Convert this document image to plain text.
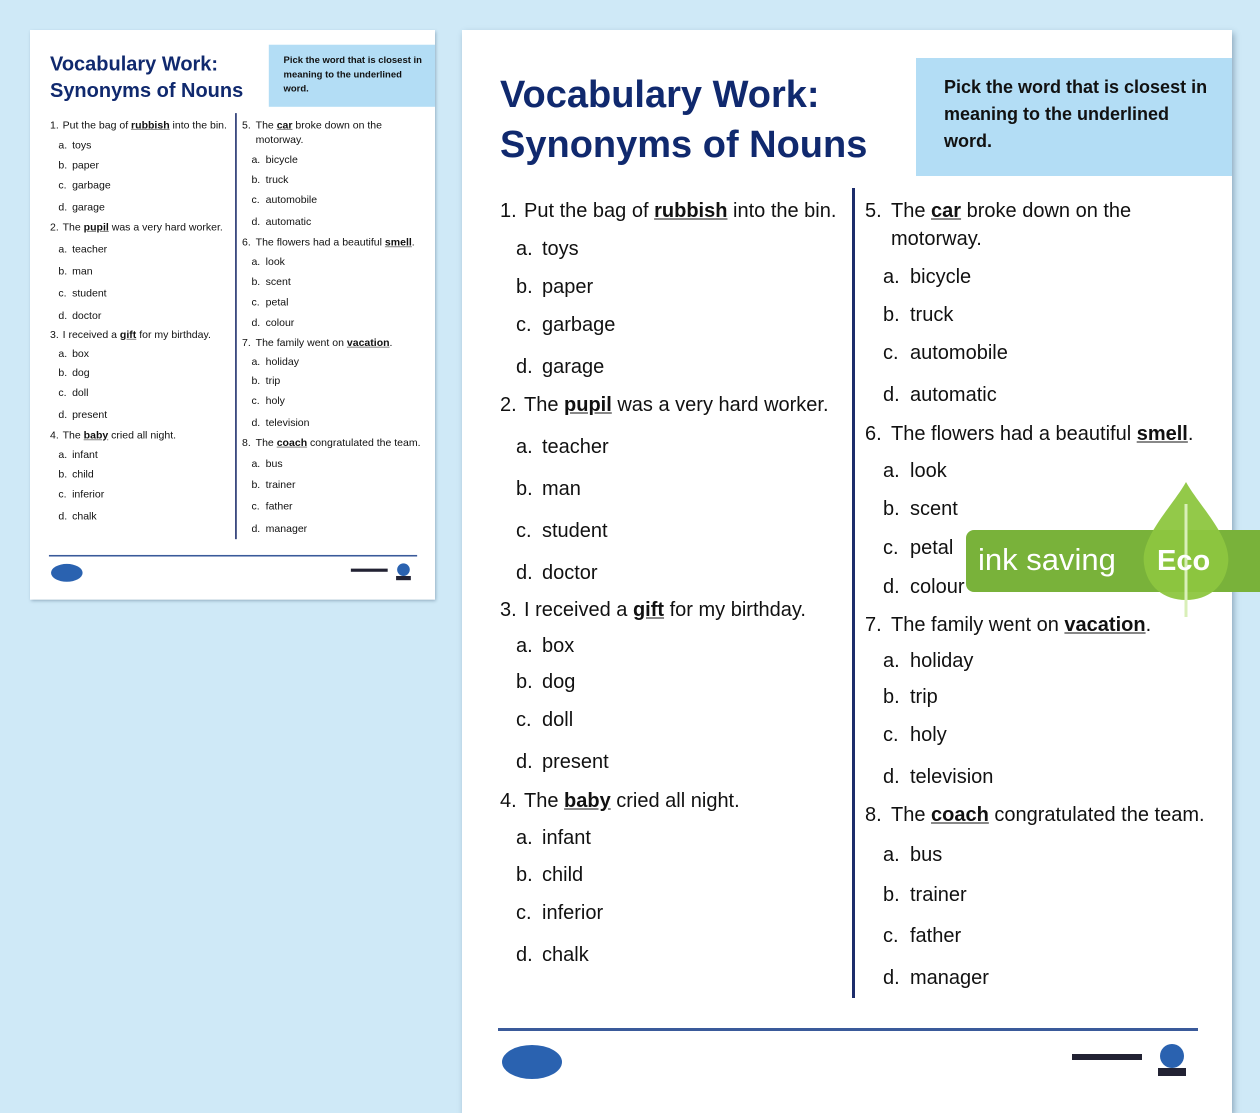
Vocabulary Work:
Synonyms of Nouns
Pick the word that is closest in meaning to the underlined word.
1. Put the bag of rubbish into the bin.
a. toys
b. paper
c. garbage
d. garage
2. The pupil was a very hard worker.
a. teacher
b. man
c. student
d. doctor
3. I received a gift for my birthday.
a. box
b. dog
c. doll
d. present
4. The baby cried all night.
a. infant
b. child
c. inferior
d. chalk
5. The car broke down on the motorway.
a. bicycle
b. truck
c. automobile
d. automatic
6. The flowers had a beautiful smell.
a. look
b. scent
c. petal
d. colour
7. The family went on vacation.
a. holiday
b. trip
c. holy
d. television
8. The coach congratulated the team.
a. bus
b. trainer
c. father
d. manager
Vocabulary Work:
Synonyms of Nouns
Pick the word that is closest in meaning to the underlined word.
1. Put the bag of rubbish into the bin.
a. toys
b. paper
c. garbage
d. garage
2. The pupil was a very hard worker.
a. teacher
b. man
c. student
d. doctor
3. I received a gift for my birthday.
a. box
b. dog
c. doll
d. present
4. The baby cried all night.
a. infant
b. child
c. inferior
d. chalk
5. The car broke down on the motorway.
a. bicycle
b. truck
c. automobile
d. automatic
6. The flowers had a beautiful smell.
a. look
b. scent
c. petal
d. colour
7. The family went on vacation.
a. holiday
b. trip
c. holy
d. television
8. The coach congratulated the team.
a. bus
b. trainer
c. father
d. manager
ink saving Eco
